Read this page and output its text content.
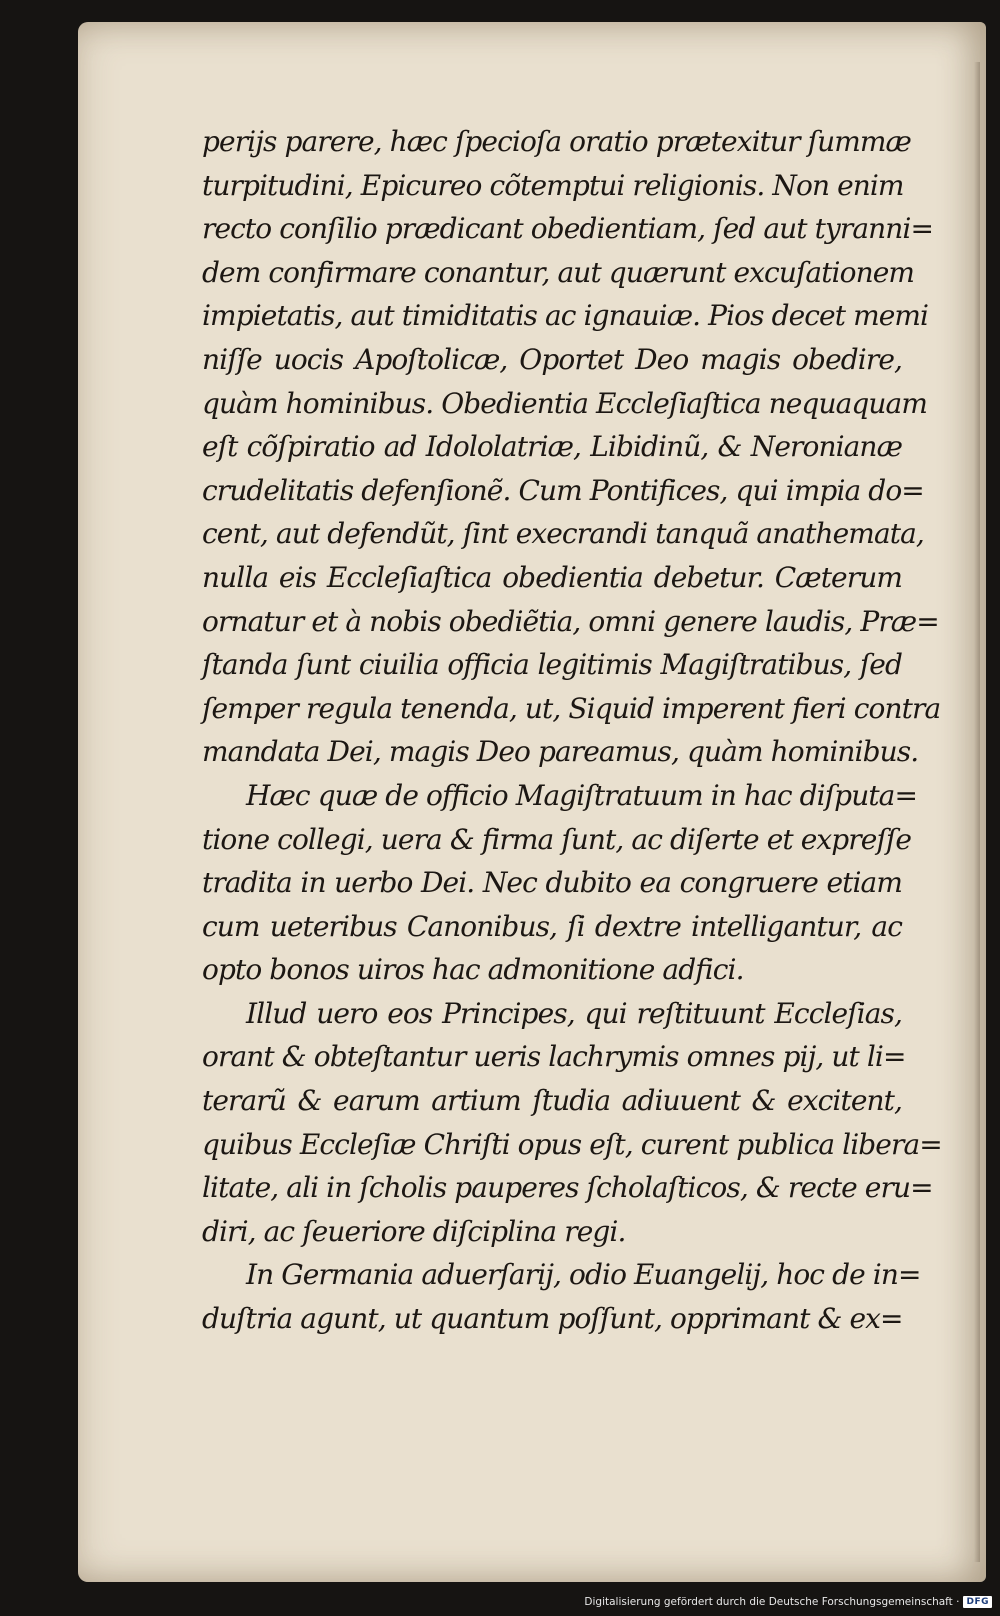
perijs parere, hæc ſpecioſa oratio prætexitur ſummæ
turpitudini, Epicureo cõtemptui religionis. Non enim
recto conſilio prædicant obedientiam, ſed aut tyranni=
dem confirmare conantur, aut quærunt excuſationem
impietatis, aut timiditatis ac ignauiæ. Pios decet memi
niſſe uocis Apoſtolicæ, Oportet Deo magis obedire,
quàm hominibus. Obedientia Eccleſiaſtica nequaquam
eſt cõſpiratio ad Idololatriæ, Libidinũ, & Neronianæ
crudelitatis defenſionẽ. Cum Pontifices, qui impia do=
cent, aut defendũt, ſint execrandi tanquã anathemata,
nulla eis Eccleſiaſtica obedientia debetur. Cæterum
ornatur et à nobis obediẽtia, omni genere laudis, Præ=
ſtanda ſunt ciuilia officia legitimis Magiſtratibus, ſed
ſemper regula tenenda, ut, Siquid imperent fieri contra
mandata Dei, magis Deo pareamus, quàm hominibus.
Hæc quæ de officio Magiſtratuum in hac diſputa=
tione collegi, uera & firma ſunt, ac diſerte et expreſſe
tradita in uerbo Dei. Nec dubito ea congruere etiam
cum ueteribus Canonibus, ſi dextre intelligantur, ac
opto bonos uiros hac admonitione adfici.
Illud uero eos Principes, qui reſtituunt Eccleſias,
orant & obteſtantur ueris lachrymis omnes pij, ut li=
terarũ & earum artium ſtudia adiuuent & excitent,
quibus Eccleſiæ Chriſti opus eſt, curent publica libera=
litate, ali in ſcholis pauperes ſcholaſticos, & recte eru=
diri, ac ſeueriore diſciplina regi.
In Germania aduerſarij, odio Euangelij, hoc de in=
duſtria agunt, ut quantum poſſunt, opprimant & ex=
Digitalisierung gefördert durch die Deutsche Forschungsgemeinschaft · DFG
